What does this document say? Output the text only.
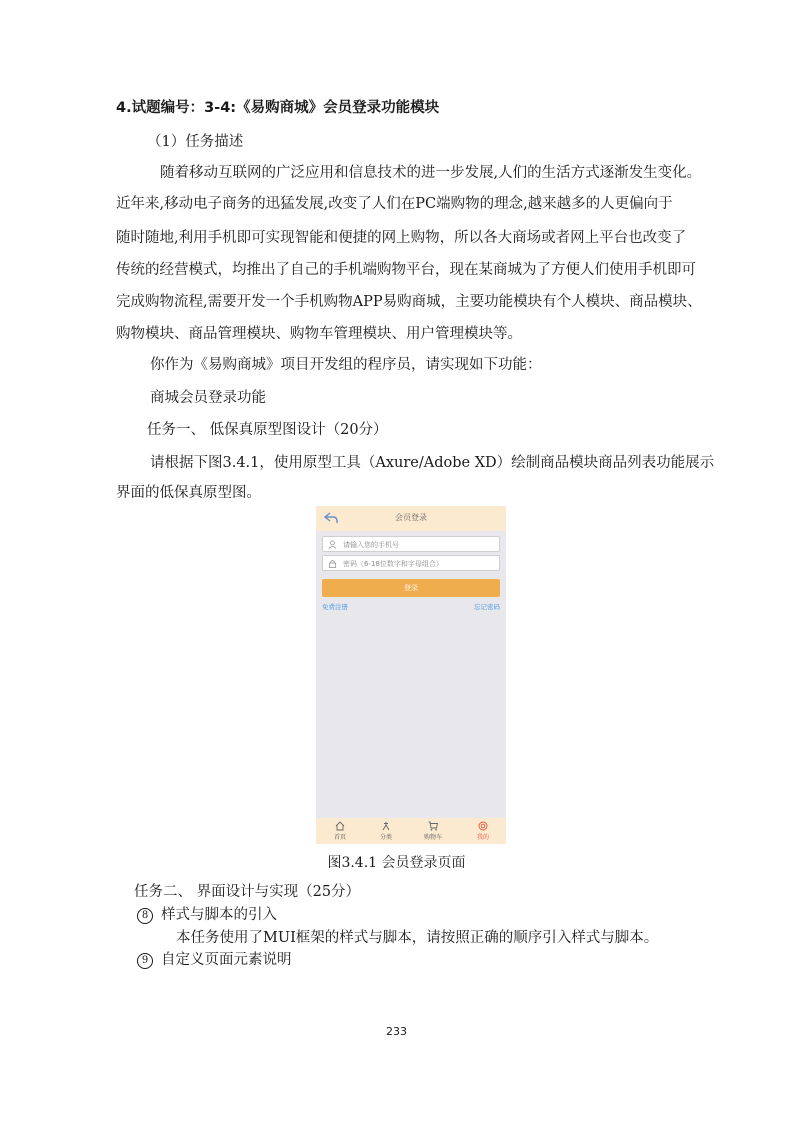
4.试题编号：3-4:《易购商城》会员登录功能模块
（1）任务描述
随着移动互联网的广泛应用和信息技术的进一步发展,人们的生活方式逐渐发生变化。
近年来,移动电子商务的迅猛发展,改变了人们在PC端购物的理念,越来越多的人更偏向于
随时随地,利用手机即可实现智能和便捷的网上购物，所以各大商场或者网上平台也改变了
传统的经营模式，均推出了自己的手机端购物平台，现在某商城为了方便人们使用手机即可
完成购物流程,需要开发一个手机购物APP易购商城，主要功能模块有个人模块、商品模块、
购物模块、商品管理模块、购物车管理模块、用户管理模块等。
你作为《易购商城》项目开发组的程序员，请实现如下功能：
商城会员登录功能
任务一、 低保真原型图设计（20分）
请根据下图3.4.1，使用原型工具（Axure/Adobe XD）绘制商品模块商品列表功能展示
界面的低保真原型图。
会员登录
请输入您的手机号
密码（6-18位数字和字母组合）
登录
免费注册	忘记密码
首页	分类	购物车	我的
图3.4.1 会员登录页面
任务二、 界面设计与实现（25分）
8 样式与脚本的引入
本任务使用了MUI框架的样式与脚本，请按照正确的顺序引入样式与脚本。
9 自定义页面元素说明
233
